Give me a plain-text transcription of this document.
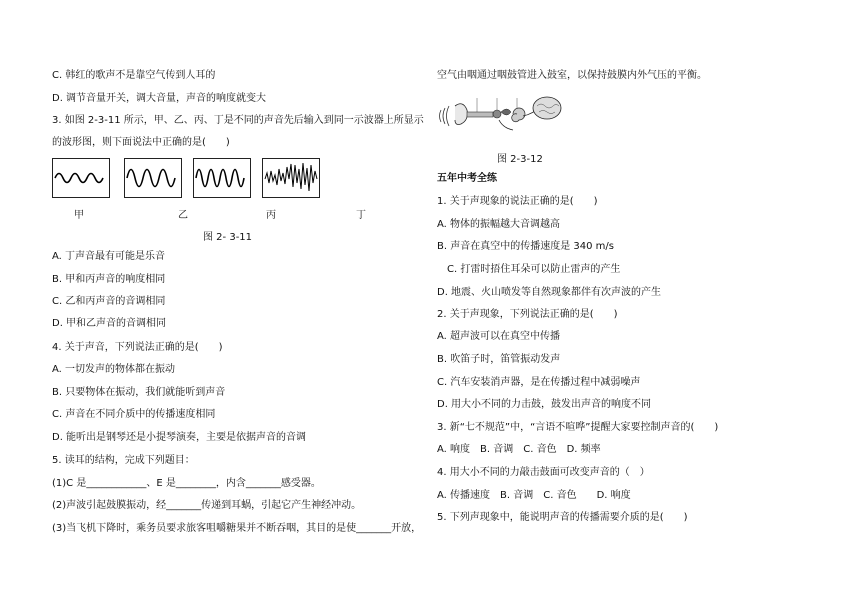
C. 韩红的歌声不是靠空气传到人耳的
D. 调节音量开关，调大音量，声音的响度就变大
3. 如图 2-3-11 所示，甲、乙、丙、丁是不同的声音先后输入到同一示波器上所显示
的波形图，则下面说法中正确的是(　　)
甲	乙	丙	丁
图 2- 3-11
A. 丁声音最有可能是乐音
B. 甲和丙声音的响度相同
C. 乙和丙声音的音调相同
D. 甲和乙声音的音调相同
4. 关于声音，下列说法正确的是(　　)
A. 一切发声的物体都在振动
B. 只要物体在振动，我们就能听到声音
C. 声音在不同介质中的传播速度相同
D. 能听出是钢琴还是小提琴演奏，主要是依据声音的音调
5. 读耳的结构，完成下列题目：
(1)C 是____________、E 是________，内含_______感受器。
(2)声波引起鼓膜振动，经_______传递到耳蜗，引起它产生神经冲动。
(3)当飞机下降时，乘务员要求旅客咀嚼糖果并不断吞咽，其目的是使_______开放，
空气由咽通过咽鼓管进入鼓室，以保持鼓膜内外气压的平衡。
图 2-3-12
五年中考全练
1. 关于声现象的说法正确的是(　　)
A. 物体的振幅越大音调越高
B. 声音在真空中的传播速度是 340 m/s
　C. 打雷时捂住耳朵可以防止雷声的产生
D. 地震、火山喷发等自然现象都伴有次声波的产生
2. 关于声现象，下列说法正确的是(　　)
A. 超声波可以在真空中传播
B. 吹笛子时，笛管振动发声
C. 汽车安装消声器，是在传播过程中减弱噪声
D. 用大小不同的力击鼓，鼓发出声音的响度不同
3. 新“七不规范”中，“言语不喧哗”提醒大家要控制声音的(　　)
A. 响度　B. 音调　C. 音色　D. 频率
4. 用大小不同的力敲击鼓面可改变声音的（　）
A. 传播速度　B. 音调　C. 音色　　D. 响度
5. 下列声现象中，能说明声音的传播需要介质的是(　　)
